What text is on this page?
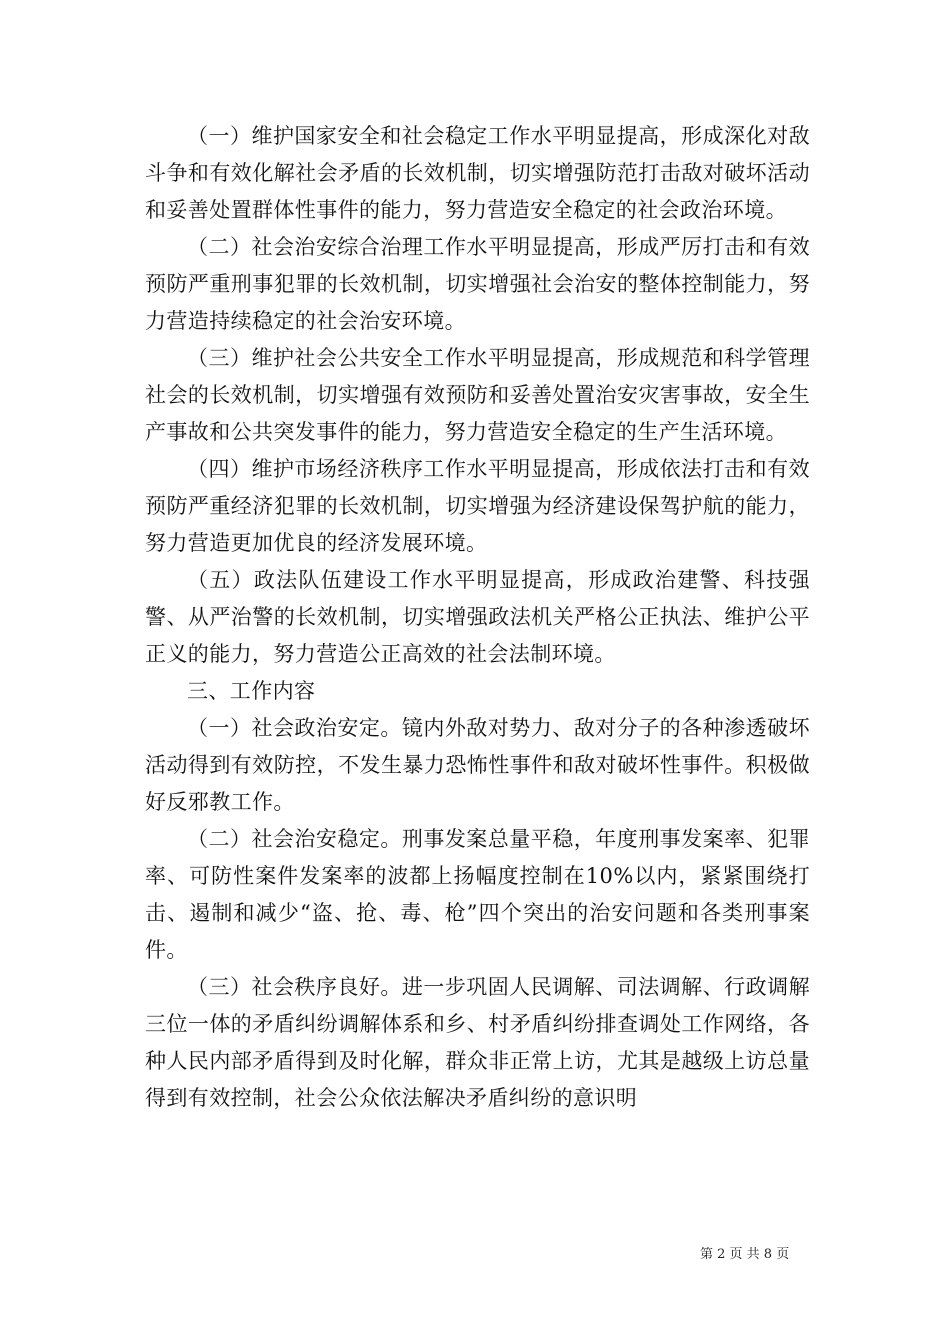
（一）维护国家安全和社会稳定工作水平明显提高，形成深化对敌斗争和有效化解社会矛盾的长效机制，切实增强防范打击敌对破坏活动和妥善处置群体性事件的能力，努力营造安全稳定的社会政治环境。

（二）社会治安综合治理工作水平明显提高，形成严厉打击和有效预防严重刑事犯罪的长效机制，切实增强社会治安的整体控制能力，努力营造持续稳定的社会治安环境。

（三）维护社会公共安全工作水平明显提高，形成规范和科学管理社会的长效机制，切实增强有效预防和妥善处置治安灾害事故，安全生产事故和公共突发事件的能力，努力营造安全稳定的生产生活环境。

（四）维护市场经济秩序工作水平明显提高，形成依法打击和有效预防严重经济犯罪的长效机制，切实增强为经济建设保驾护航的能力，努力营造更加优良的经济发展环境。

（五）政法队伍建设工作水平明显提高，形成政治建警、科技强警、从严治警的长效机制，切实增强政法机关严格公正执法、维护公平正义的能力，努力营造公正高效的社会法制环境。

三、工作内容

（一）社会政治安定。镜内外敌对势力、敌对分子的各种渗透破坏活动得到有效防控，不发生暴力恐怖性事件和敌对破坏性事件。积极做好反邪教工作。

（二）社会治安稳定。刑事发案总量平稳，年度刑事发案率、犯罪率、可防性案件发案率的波都上扬幅度控制在10%以内，紧紧围绕打击、遏制和减少“盗、抢、毒、枪”四个突出的治安问题和各类刑事案件。

（三）社会秩序良好。进一步巩固人民调解、司法调解、行政调解三位一体的矛盾纠纷调解体系和乡、村矛盾纠纷排查调处工作网络，各种人民内部矛盾得到及时化解，群众非正常上访，尤其是越级上访总量得到有效控制，社会公众依法解决矛盾纠纷的意识明

第 2 页 共 8 页
